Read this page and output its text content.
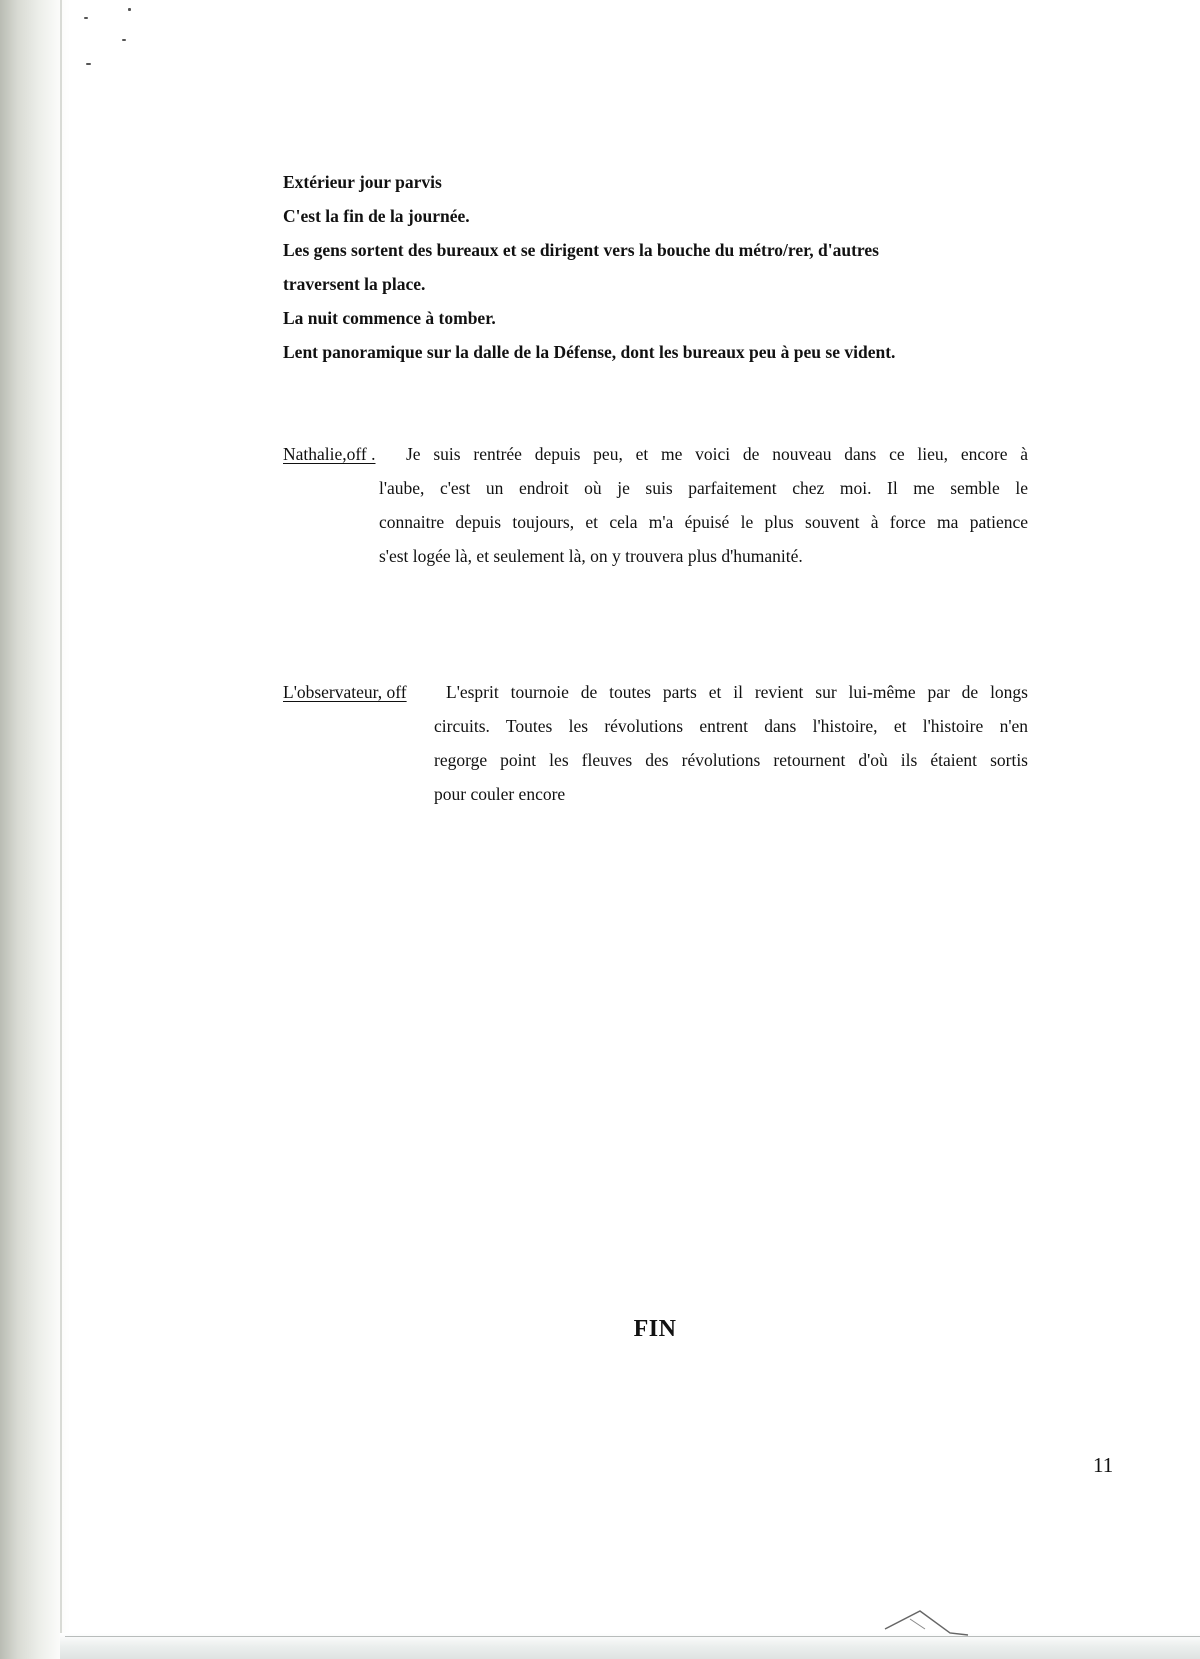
Extérieur jour parvis

C'est la fin de la journée.

Les gens sortent des bureaux et se dirigent vers la bouche du métro/rer, d'autres

traversent la place.

La nuit commence à tomber.

Lent panoramique sur la dalle de la Défense, dont les bureaux peu à peu se vident.

Nathalie,off .	Je suis rentrée depuis peu, et me voici de nouveau dans ce lieu, encore à
l'aube, c'est un endroit où je suis parfaitement chez moi. Il me semble le
connaitre depuis toujours, et cela m'a épuisé le plus souvent à force ma patience
s'est logée là, et seulement là, on y trouvera plus d'humanité.
L'observateur, off	L'esprit tournoie de toutes parts et il revient sur lui-même par de longs
circuits. Toutes les révolutions entrent dans l'histoire, et l'histoire n'en
regorge point les fleuves des révolutions retournent d'où ils étaient sortis
pour couler encore
FIN
11
